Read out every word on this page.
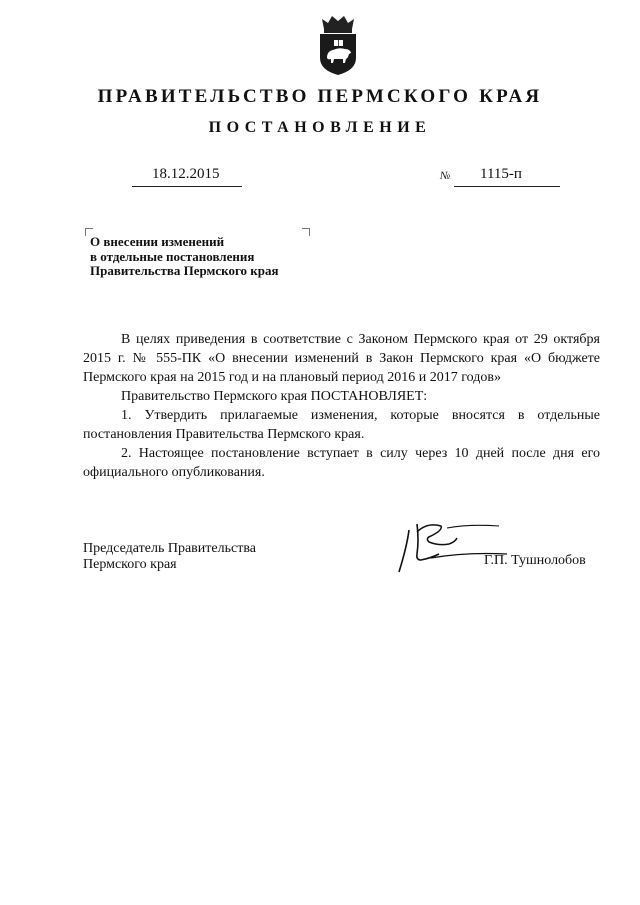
ПРАВИТЕЛЬСТВО ПЕРМСКОГО КРАЯ
ПОСТАНОВЛЕНИЕ
18.12.2015	№ 1115-п
О внесении изменений
в отдельные постановления
Правительства Пермского края

В целях приведения в соответствие с Законом Пермского края от 29 октября 2015 г. № 555-ПК «О внесении изменений в Закон Пермского края «О бюджете Пермского края на 2015 год и на плановый период 2016 и 2017 годов»

Правительство Пермского края ПОСТАНОВЛЯЕТ:

1. Утвердить прилагаемые изменения, которые вносятся в отдельные постановления Правительства Пермского края.

2. Настоящее постановление вступает в силу через 10 дней после дня его официального опубликования.

Председатель Правительства
Пермского края	Г.П. Тушнолобов
